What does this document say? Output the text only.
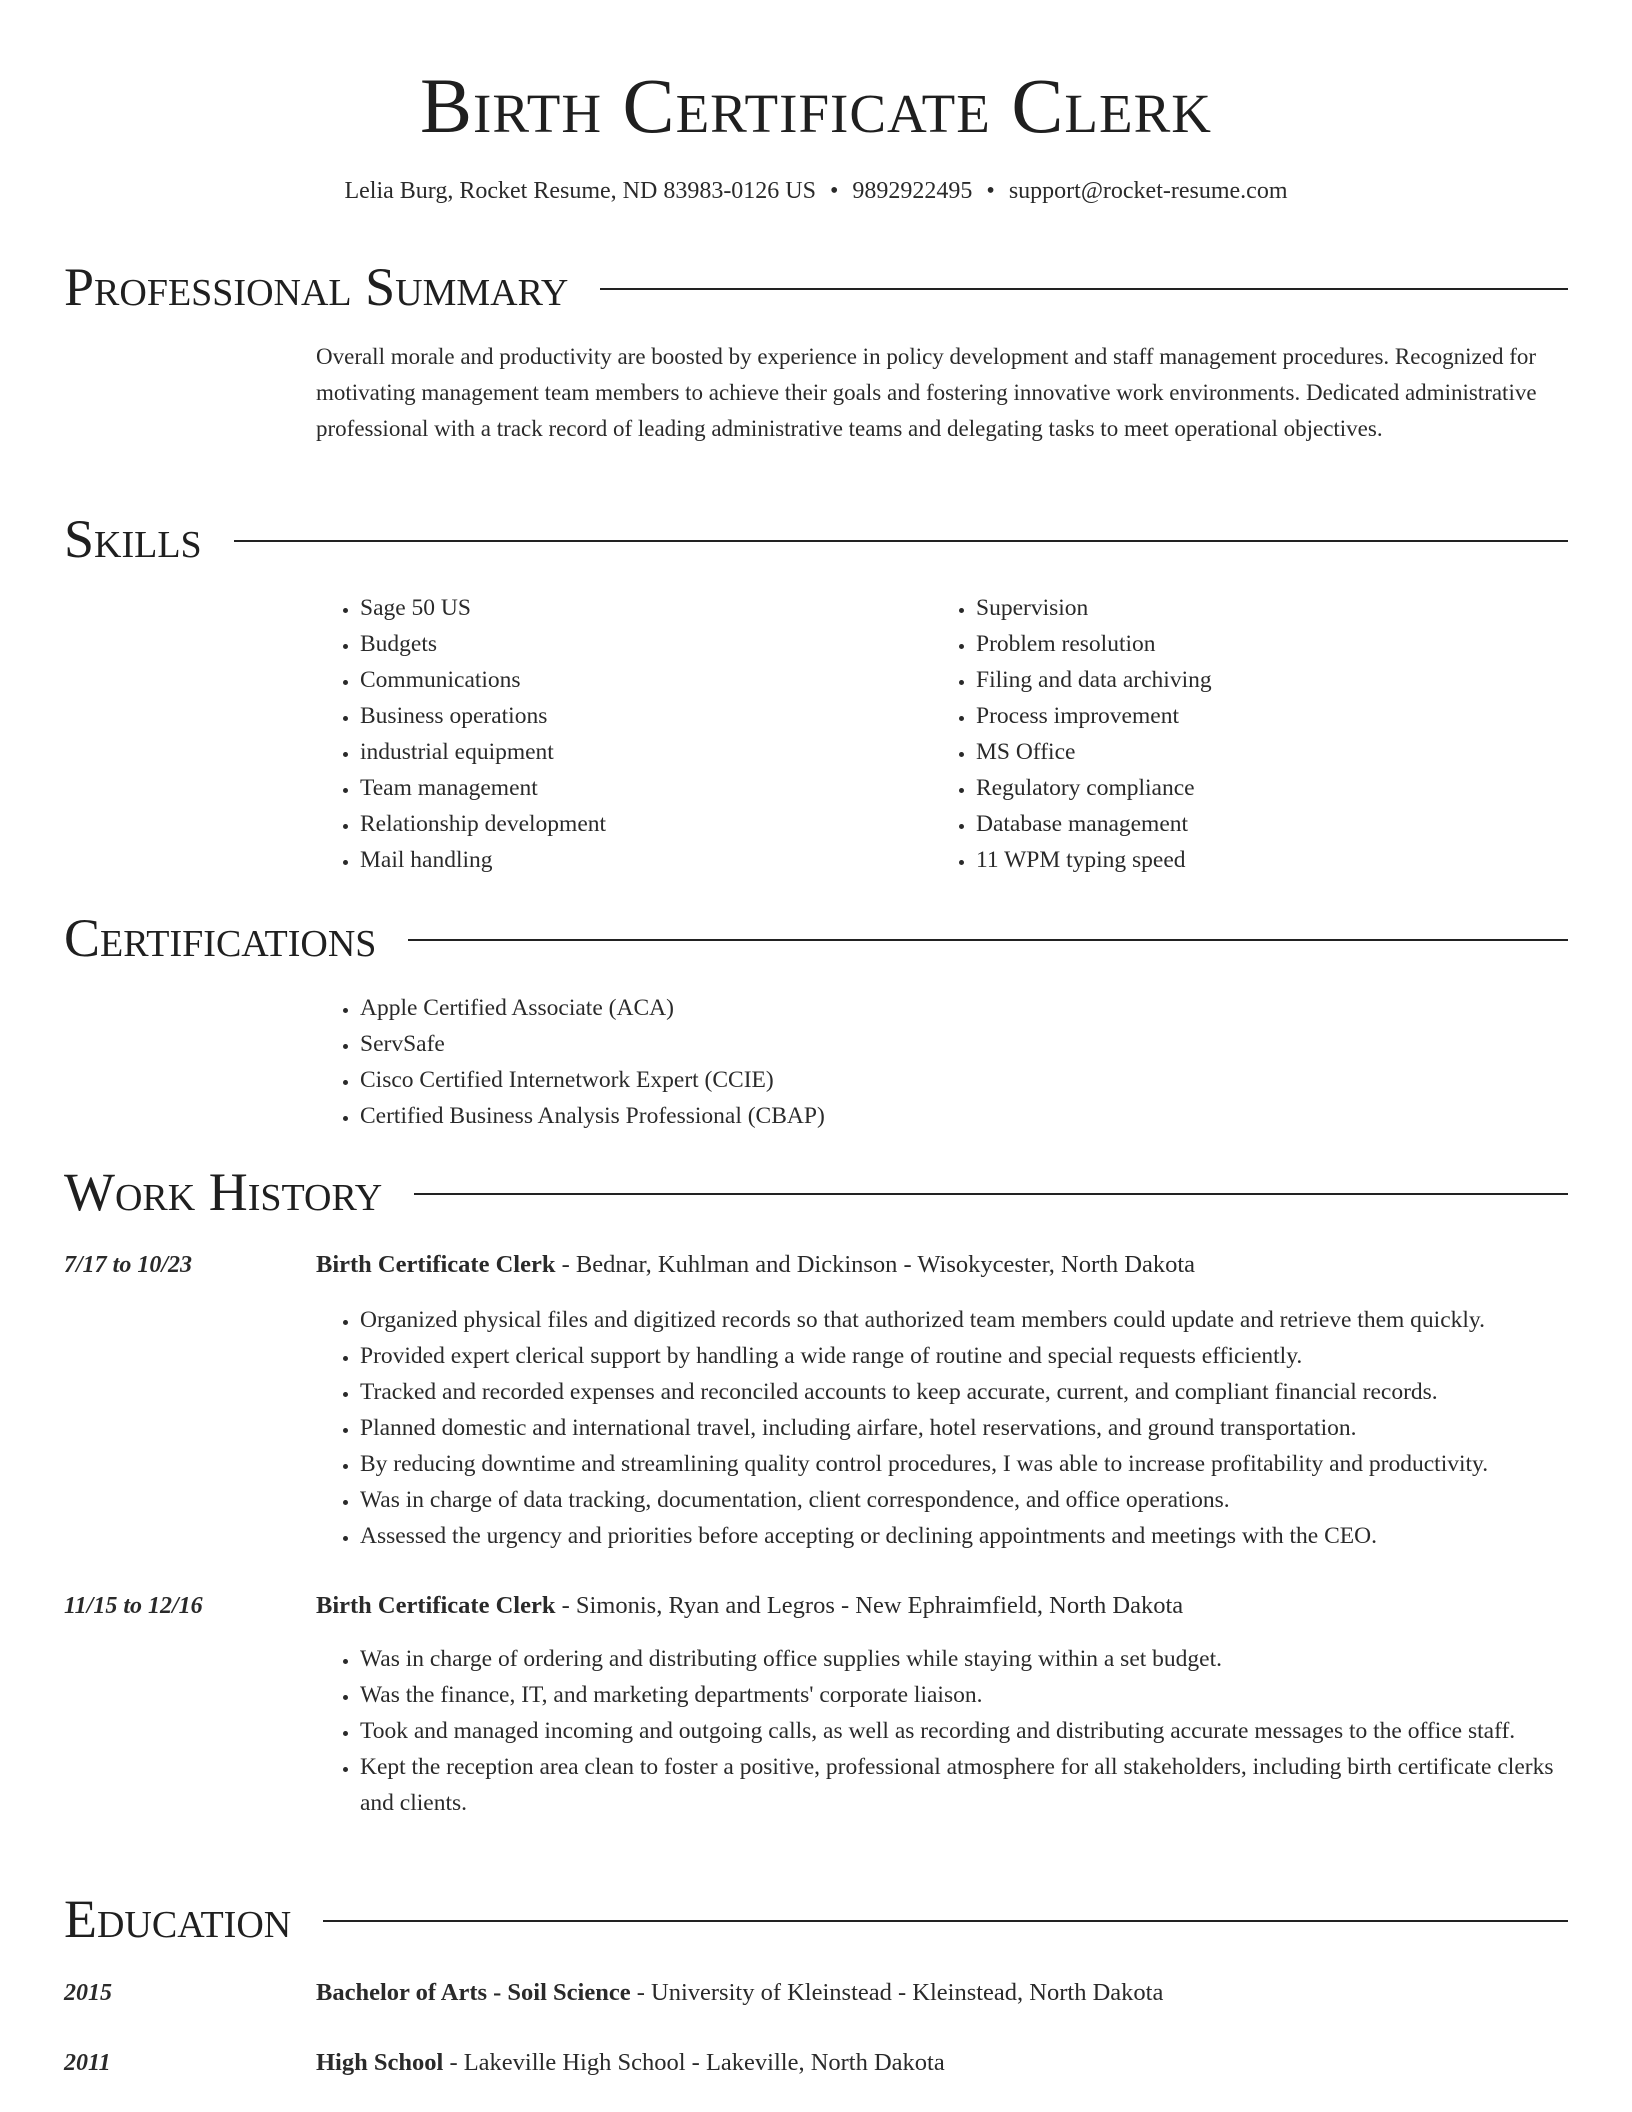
Birth Certificate Clerk
Lelia Burg, Rocket Resume, ND 83983-0126 US • 9892922495 • support@rocket-resume.com
Professional Summary
Overall morale and productivity are boosted by experience in policy development and staff management procedures. Recognized for motivating management team members to achieve their goals and fostering innovative work environments. Dedicated administrative professional with a track record of leading administrative teams and delegating tasks to meet operational objectives.
Skills
• Sage 50 US
• Budgets
• Communications
• Business operations
• industrial equipment
• Team management
• Relationship development
• Mail handling
• Supervision
• Problem resolution
• Filing and data archiving
• Process improvement
• MS Office
• Regulatory compliance
• Database management
• 11 WPM typing speed
Certifications
• Apple Certified Associate (ACA)
• ServSafe
• Cisco Certified Internetwork Expert (CCIE)
• Certified Business Analysis Professional (CBAP)
Work History
7/17 to 10/23	Birth Certificate Clerk - Bednar, Kuhlman and Dickinson - Wisokycester, North Dakota
• Organized physical files and digitized records so that authorized team members could update and retrieve them quickly.
• Provided expert clerical support by handling a wide range of routine and special requests efficiently.
• Tracked and recorded expenses and reconciled accounts to keep accurate, current, and compliant financial records.
• Planned domestic and international travel, including airfare, hotel reservations, and ground transportation.
• By reducing downtime and streamlining quality control procedures, I was able to increase profitability and productivity.
• Was in charge of data tracking, documentation, client correspondence, and office operations.
• Assessed the urgency and priorities before accepting or declining appointments and meetings with the CEO.
11/15 to 12/16	Birth Certificate Clerk - Simonis, Ryan and Legros - New Ephraimfield, North Dakota
• Was in charge of ordering and distributing office supplies while staying within a set budget.
• Was the finance, IT, and marketing departments' corporate liaison.
• Took and managed incoming and outgoing calls, as well as recording and distributing accurate messages to the office staff.
• Kept the reception area clean to foster a positive, professional atmosphere for all stakeholders, including birth certificate clerks and clients.
Education
2015	Bachelor of Arts - Soil Science - University of Kleinstead - Kleinstead, North Dakota
2011	High School - Lakeville High School - Lakeville, North Dakota
